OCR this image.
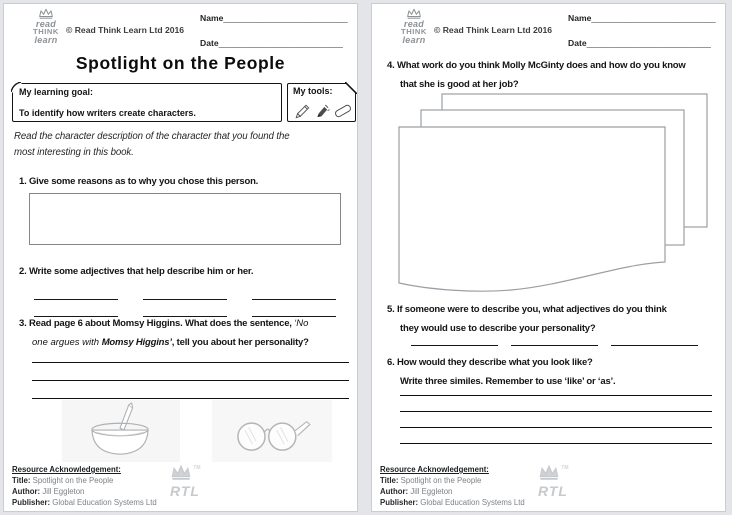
read
THINK
learn
© Read Think Learn Ltd 2016
Name__________________________
Date__________________________
Spotlight on the People
My learning goal:
To identify how writers create characters.
My tools:
Read the character description of the character that you found the
most interesting in this book.
1. Give some reasons as to why you chose this person.
2. Write some adjectives that help describe him or her.
3. Read page 6 about Momsy Higgins. What does the sentence, ‘No
one argues with Momsy Higgins’, tell you about her personality?
Resource Acknowledgement:
Title: Spotlight on the People
Author: Jill Eggleton
Publisher: Global Education Systems Ltd
™
RTL
read
THINK
learn
© Read Think Learn Ltd 2016
Name__________________________
Date__________________________
4. What work do you think Molly McGinty does and how do you know
that she is good at her job?
5. If someone were to describe you, what adjectives do you think
they would use to describe your personality?
6. How would they describe what you look like?
Write three similes. Remember to use ‘like’ or ‘as’.
Resource Acknowledgement:
Title: Spotlight on the People
Author: Jill Eggleton
Publisher: Global Education Systems Ltd
™
RTL
